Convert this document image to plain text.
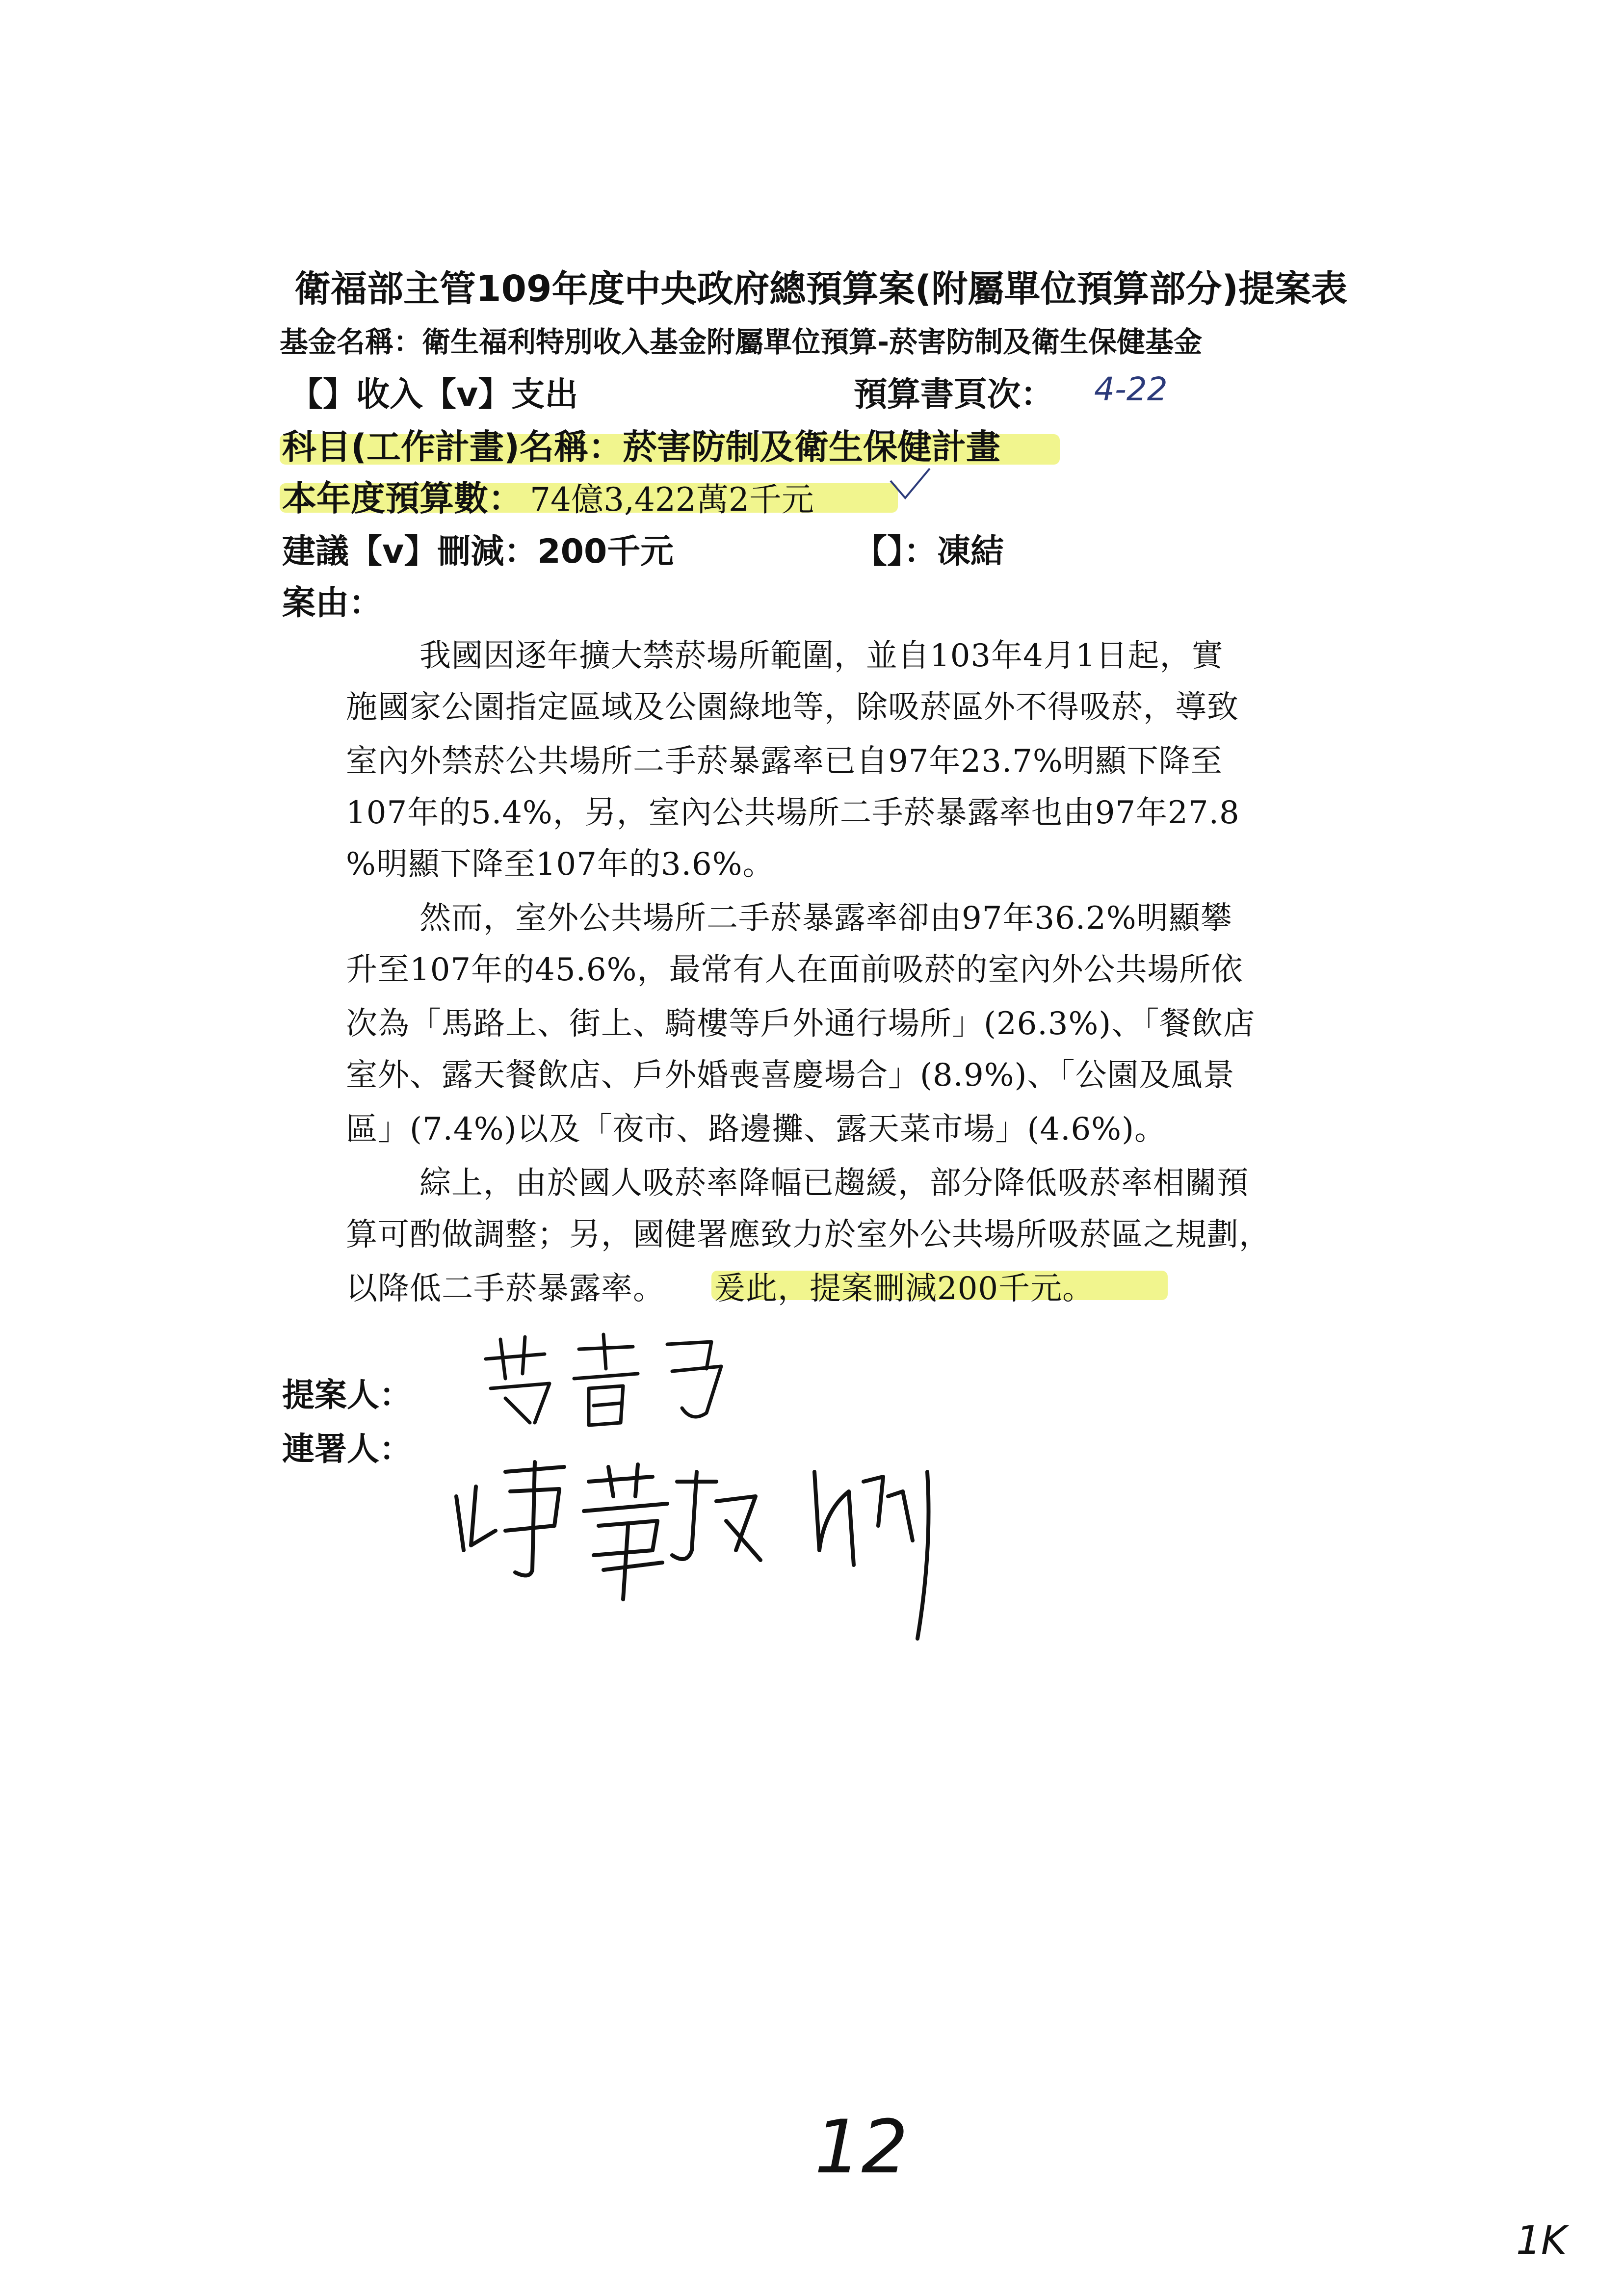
衛福部主管109年度中央政府總預算案(附屬單位預算部分)提案表
基金名稱：衛生福利特別收入基金附屬單位預算-菸害防制及衛生保健基金
【】收入【v】支出	預算書頁次： 4-22
科目(工作計畫)名稱：菸害防制及衛生保健計畫
本年度預算數： 74億3,422萬2千元
建議【v】刪減：200千元	【】：凍結
案由：
我國因逐年擴大禁菸場所範圍，並自103年4月1日起，實
施國家公園指定區域及公園綠地等，除吸菸區外不得吸菸，導致
室內外禁菸公共場所二手菸暴露率已自97年23.7%明顯下降至
107年的5.4%，另，室內公共場所二手菸暴露率也由97年27.8
%明顯下降至107年的3.6%。
然而，室外公共場所二手菸暴露率卻由97年36.2%明顯攀
升至107年的45.6%，最常有人在面前吸菸的室內外公共場所依
次為「馬路上、街上、騎樓等戶外通行場所」(26.3%)、「餐飲店
室外、露天餐飲店、戶外婚喪喜慶場合」(8.9%)、「公園及風景
區」(7.4%)以及「夜市、路邊攤、露天菜市場」(4.6%)。
綜上，由於國人吸菸率降幅已趨緩，部分降低吸菸率相關預
算可酌做調整；另，國健署應致力於室外公共場所吸菸區之規劃，
以降低二手菸暴露率。 爰此，提案刪減200千元。
提案人：
連署人：
12
1K
